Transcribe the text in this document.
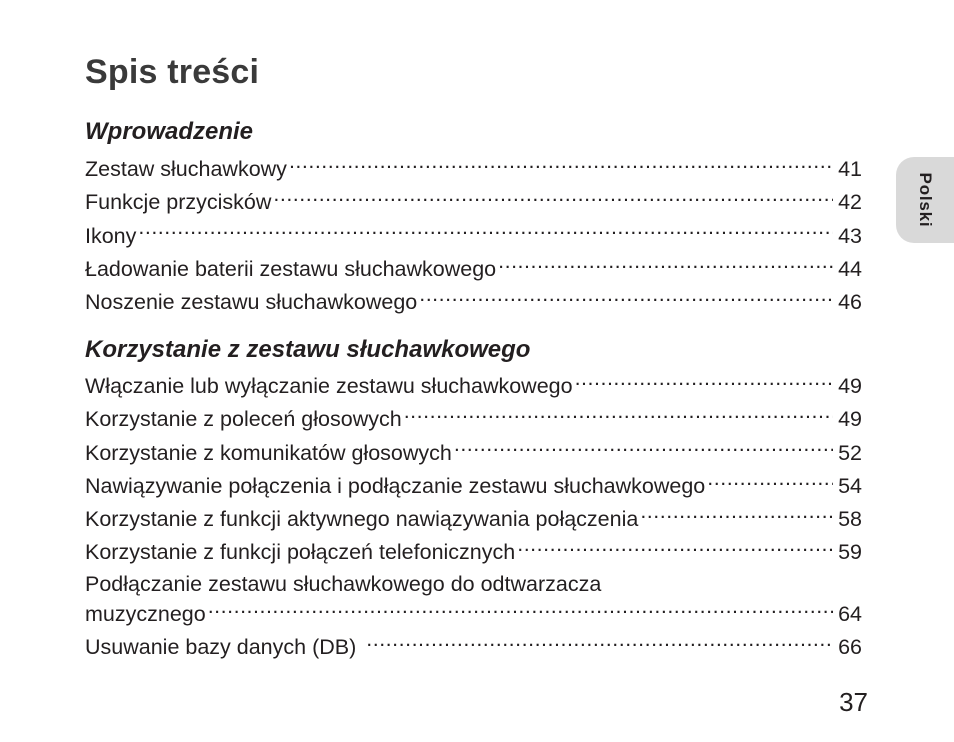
Spis treści
Wprowadzenie
Zestaw słuchawkowy .....	41
Funkcje przycisków .....	42
Ikony .....	43
Ładowanie baterii zestawu słuchawkowego .....	44
Noszenie zestawu słuchawkowego .....	46
Korzystanie z zestawu słuchawkowego
Włączanie lub wyłączanie zestawu słuchawkowego .....	49
Korzystanie z poleceń głosowych .....	49
Korzystanie z komunikatów głosowych .....	52
Nawiązywanie połączenia i podłączanie zestawu słuchawkowego .....	54
Korzystanie z funkcji aktywnego nawiązywania połączenia .....	58
Korzystanie z funkcji połączeń telefonicznych .....	59
Podłączanie zestawu słuchawkowego do odtwarzacza
muzycznego .....	64
Usuwanie bazy danych (DB) .....	66
Polski
37
